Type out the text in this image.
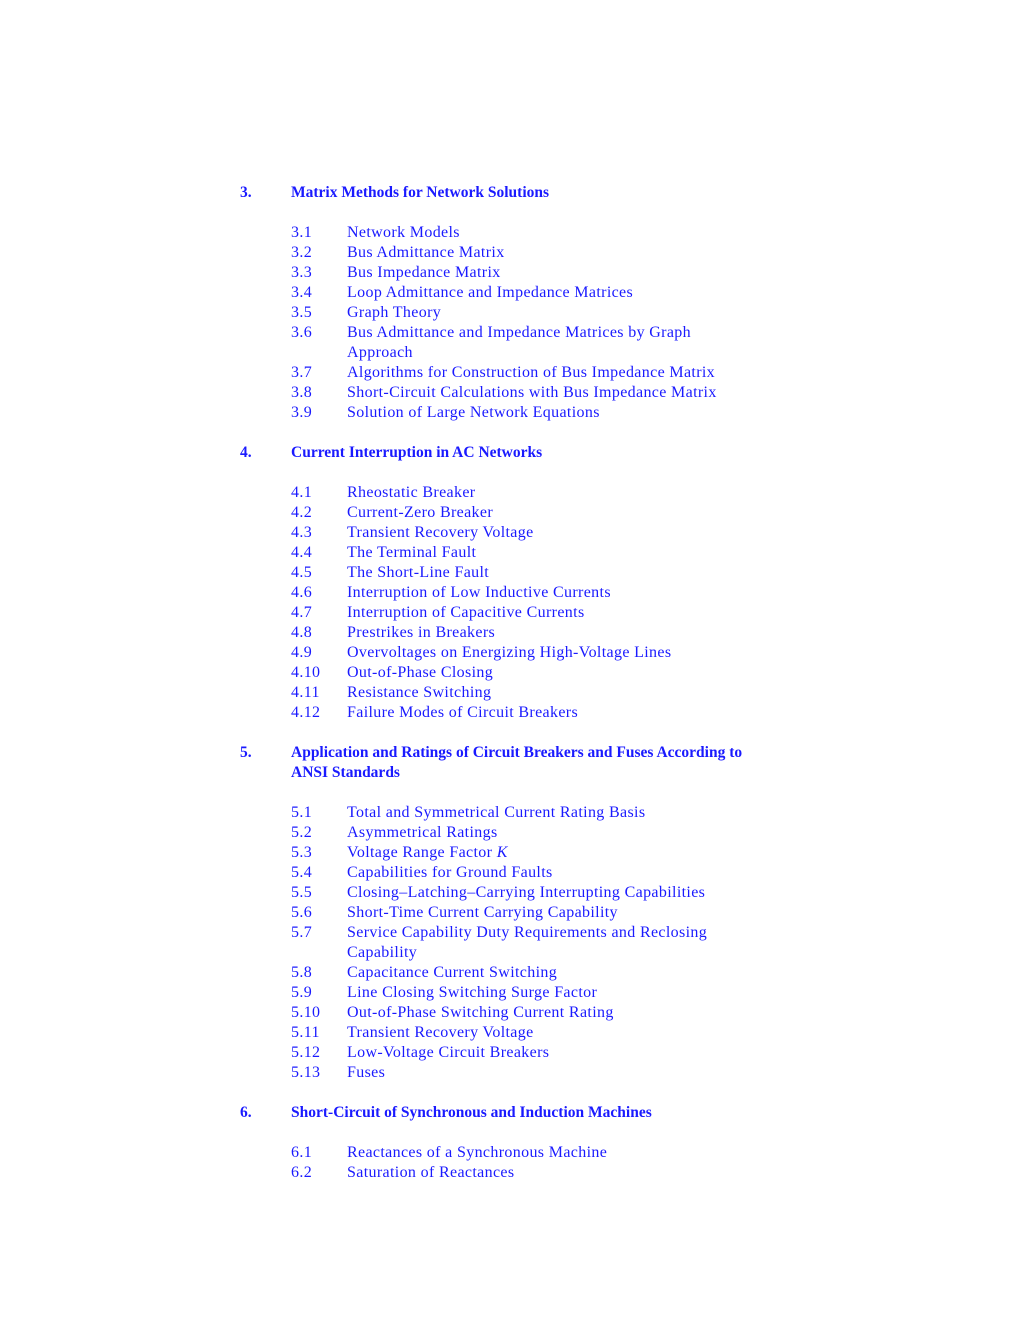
3.	Matrix Methods for Network Solutions
3.1	Network Models
3.2	Bus Admittance Matrix
3.3	Bus Impedance Matrix
3.4	Loop Admittance and Impedance Matrices
3.5	Graph Theory
3.6	Bus Admittance and Impedance Matrices by Graph Approach
3.7	Algorithms for Construction of Bus Impedance Matrix
3.8	Short-Circuit Calculations with Bus Impedance Matrix
3.9	Solution of Large Network Equations
4.	Current Interruption in AC Networks
4.1	Rheostatic Breaker
4.2	Current-Zero Breaker
4.3	Transient Recovery Voltage
4.4	The Terminal Fault
4.5	The Short-Line Fault
4.6	Interruption of Low Inductive Currents
4.7	Interruption of Capacitive Currents
4.8	Prestrikes in Breakers
4.9	Overvoltages on Energizing High-Voltage Lines
4.10	Out-of-Phase Closing
4.11	Resistance Switching
4.12	Failure Modes of Circuit Breakers
5.	Application and Ratings of Circuit Breakers and Fuses According to ANSI Standards
5.1	Total and Symmetrical Current Rating Basis
5.2	Asymmetrical Ratings
5.3	Voltage Range Factor K
5.4	Capabilities for Ground Faults
5.5	Closing–Latching–Carrying Interrupting Capabilities
5.6	Short-Time Current Carrying Capability
5.7	Service Capability Duty Requirements and Reclosing Capability
5.8	Capacitance Current Switching
5.9	Line Closing Switching Surge Factor
5.10	Out-of-Phase Switching Current Rating
5.11	Transient Recovery Voltage
5.12	Low-Voltage Circuit Breakers
5.13	Fuses
6.	Short-Circuit of Synchronous and Induction Machines
6.1	Reactances of a Synchronous Machine
6.2	Saturation of Reactances
